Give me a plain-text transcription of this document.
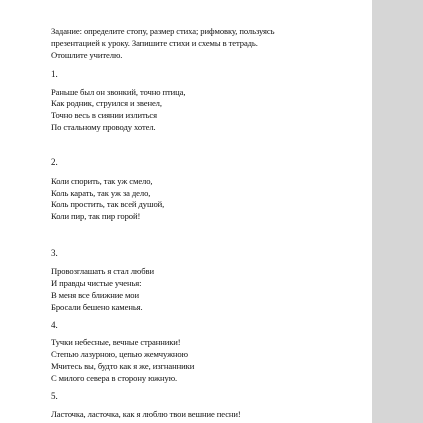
Задание: определите стопу, размер стиха; рифмовку, пользуясь
презентацией к уроку. Запишите стихи и схемы в тетрадь.
Отошлите учителю.
1.
Раньше был он звонкий, точно птица,
Как родник, струился и звенел,
Точно весь в сиянии излиться
По стальному проводу хотел.
2.
Коли спорить, так уж смело,
Коль карать, так уж за дело,
Коль простить, так всей душой,
Коли пир, так пир горой!
3.
Провозглашать я стал любви
И правды чистые ученья:
В меня все ближние мои
Бросали бешено каменья.
4.
Тучки небесные, вечные странники!
Степью лазурною, цепью жемчужною
Мчитесь вы, будто как я же, изгнанники
С милого севера в сторону южную.
5.
Ласточка, ласточка, как я люблю твои вешние песни!
